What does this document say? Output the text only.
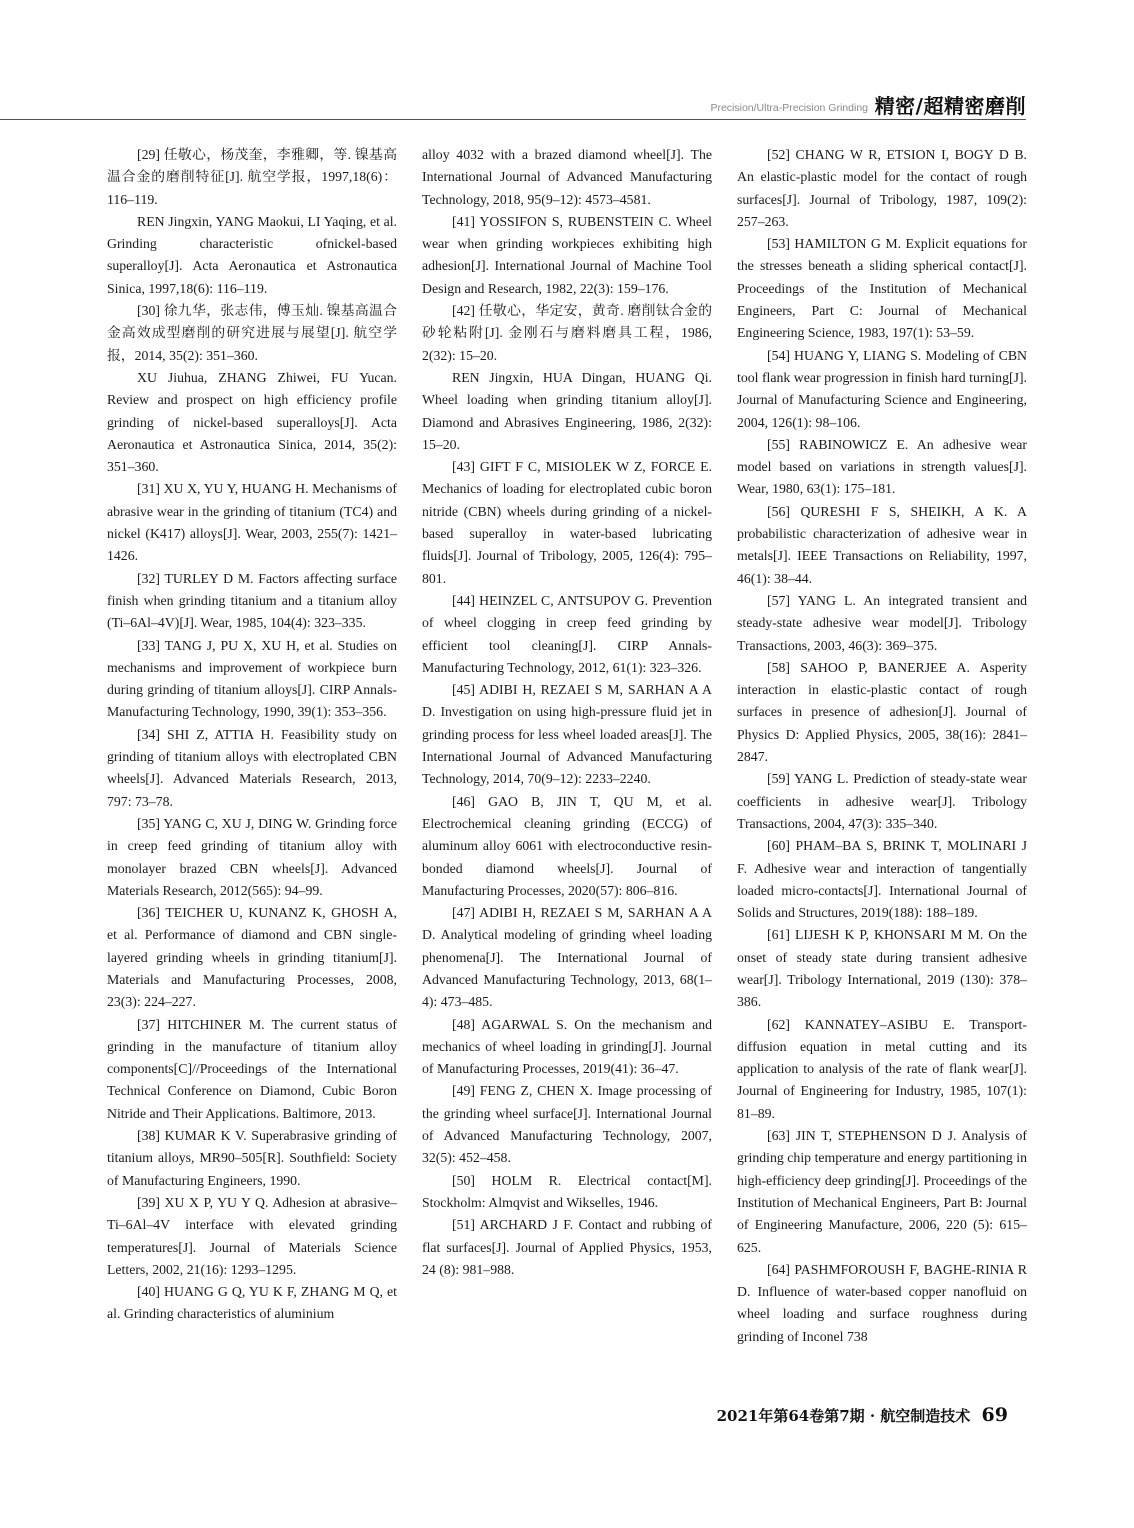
Precision/Ultra-Precision Grinding 精密/超精密磨削

[29] 任敬心，杨茂奎，李雅卿，等. 镍基高温合金的磨削特征[J]. 航空学报，1997,18(6)：116–119.

REN Jingxin, YANG Maokui, LI Yaqing, et al. Grinding characteristic ofnickel-based superalloy[J]. Acta Aeronautica et Astronautica Sinica, 1997,18(6): 116–119.

[30] 徐九华，张志伟，傅玉灿. 镍基高温合金高效成型磨削的研究进展与展望[J]. 航空学报，2014, 35(2): 351–360.

XU Jiuhua, ZHANG Zhiwei, FU Yucan. Review and prospect on high efficiency profile grinding of nickel-based superalloys[J]. Acta Aeronautica et Astronautica Sinica, 2014, 35(2): 351–360.

[31] XU X, YU Y, HUANG H. Mechanisms of abrasive wear in the grinding of titanium (TC4) and nickel (K417) alloys[J]. Wear, 2003, 255(7): 1421–1426.

[32] TURLEY D M. Factors affecting surface finish when grinding titanium and a titanium alloy (Ti–6Al–4V)[J]. Wear, 1985, 104(4): 323–335.

[33] TANG J, PU X, XU H, et al. Studies on mechanisms and improvement of workpiece burn during grinding of titanium alloys[J]. CIRP Annals-Manufacturing Technology, 1990, 39(1): 353–356.

[34] SHI Z, ATTIA H. Feasibility study on grinding of titanium alloys with electroplated CBN wheels[J]. Advanced Materials Research, 2013, 797: 73–78.

[35] YANG C, XU J, DING W. Grinding force in creep feed grinding of titanium alloy with monolayer brazed CBN wheels[J]. Advanced Materials Research, 2012(565): 94–99.

[36] TEICHER U, KUNANZ K, GHOSH A, et al. Performance of diamond and CBN single-layered grinding wheels in grinding titanium[J]. Materials and Manufacturing Processes, 2008, 23(3): 224–227.

[37] HITCHINER M. The current status of grinding in the manufacture of titanium alloy components[C]//Proceedings of the International Technical Conference on Diamond, Cubic Boron Nitride and Their Applications. Baltimore, 2013.

[38] KUMAR K V. Superabrasive grinding of titanium alloys, MR90–505[R]. Southfield: Society of Manufacturing Engineers, 1990.

[39] XU X P, YU Y Q. Adhesion at abrasive–Ti–6Al–4V interface with elevated grinding temperatures[J]. Journal of Materials Science Letters, 2002, 21(16): 1293–1295.

[40] HUANG G Q, YU K F, ZHANG M Q, et al. Grinding characteristics of aluminium

alloy 4032 with a brazed diamond wheel[J]. The International Journal of Advanced Manufacturing Technology, 2018, 95(9–12): 4573–4581.

[41] YOSSIFON S, RUBENSTEIN C. Wheel wear when grinding workpieces exhibiting high adhesion[J]. International Journal of Machine Tool Design and Research, 1982, 22(3): 159–176.

[42] 任敬心，华定安，黄奇. 磨削钛合金的砂轮粘附[J]. 金刚石与磨料磨具工程，1986, 2(32): 15–20.

REN Jingxin, HUA Dingan, HUANG Qi. Wheel loading when grinding titanium alloy[J]. Diamond and Abrasives Engineering, 1986, 2(32): 15–20.

[43] GIFT F C, MISIOLEK W Z, FORCE E. Mechanics of loading for electroplated cubic boron nitride (CBN) wheels during grinding of a nickel-based superalloy in water-based lubricating fluids[J]. Journal of Tribology, 2005, 126(4): 795–801.

[44] HEINZEL C, ANTSUPOV G. Prevention of wheel clogging in creep feed grinding by efficient tool cleaning[J]. CIRP Annals-Manufacturing Technology, 2012, 61(1): 323–326.

[45] ADIBI H, REZAEI S M, SARHAN A A D. Investigation on using high-pressure fluid jet in grinding process for less wheel loaded areas[J]. The International Journal of Advanced Manufacturing Technology, 2014, 70(9–12): 2233–2240.

[46] GAO B, JIN T, QU M, et al. Electrochemical cleaning grinding (ECCG) of aluminum alloy 6061 with electroconductive resin-bonded diamond wheels[J]. Journal of Manufacturing Processes, 2020(57): 806–816.

[47] ADIBI H, REZAEI S M, SARHAN A A D. Analytical modeling of grinding wheel loading phenomena[J]. The International Journal of Advanced Manufacturing Technology, 2013, 68(1–4): 473–485.

[48] AGARWAL S. On the mechanism and mechanics of wheel loading in grinding[J]. Journal of Manufacturing Processes, 2019(41): 36–47.

[49] FENG Z, CHEN X. Image processing of the grinding wheel surface[J]. International Journal of Advanced Manufacturing Technology, 2007, 32(5): 452–458.

[50] HOLM R. Electrical contact[M]. Stockholm: Almqvist and Wikselles, 1946.

[51] ARCHARD J F. Contact and rubbing of flat surfaces[J]. Journal of Applied Physics, 1953, 24 (8): 981–988.

[52] CHANG W R, ETSION I, BOGY D B. An elastic-plastic model for the contact of rough surfaces[J]. Journal of Tribology, 1987, 109(2): 257–263.

[53] HAMILTON G M. Explicit equations for the stresses beneath a sliding spherical contact[J]. Proceedings of the Institution of Mechanical Engineers, Part C: Journal of Mechanical Engineering Science, 1983, 197(1): 53–59.

[54] HUANG Y, LIANG S. Modeling of CBN tool flank wear progression in finish hard turning[J]. Journal of Manufacturing Science and Engineering, 2004, 126(1): 98–106.

[55] RABINOWICZ E. An adhesive wear model based on variations in strength values[J]. Wear, 1980, 63(1): 175–181.

[56] QURESHI F S, SHEIKH, A K. A probabilistic characterization of adhesive wear in metals[J]. IEEE Transactions on Reliability, 1997, 46(1): 38–44.

[57] YANG L. An integrated transient and steady-state adhesive wear model[J]. Tribology Transactions, 2003, 46(3): 369–375.

[58] SAHOO P, BANERJEE A. Asperity interaction in elastic-plastic contact of rough surfaces in presence of adhesion[J]. Journal of Physics D: Applied Physics, 2005, 38(16): 2841–2847.

[59] YANG L. Prediction of steady-state wear coefficients in adhesive wear[J]. Tribology Transactions, 2004, 47(3): 335–340.

[60] PHAM–BA S, BRINK T, MOLINARI J F. Adhesive wear and interaction of tangentially loaded micro-contacts[J]. International Journal of Solids and Structures, 2019(188): 188–189.

[61] LIJESH K P, KHONSARI M M. On the onset of steady state during transient adhesive wear[J]. Tribology International, 2019 (130): 378–386.

[62] KANNATEY–ASIBU E. Transport-diffusion equation in metal cutting and its application to analysis of the rate of flank wear[J]. Journal of Engineering for Industry, 1985, 107(1): 81–89.

[63] JIN T, STEPHENSON D J. Analysis of grinding chip temperature and energy partitioning in high-efficiency deep grinding[J]. Proceedings of the Institution of Mechanical Engineers, Part B: Journal of Engineering Manufacture, 2006, 220 (5): 615–625.

[64] PASHMFOROUSH F, BAGHE-RINIA R D. Influence of water-based copper nanofluid on wheel loading and surface roughness during grinding of Inconel 738

2021年第64卷第7期 · 航空制造技术 69
